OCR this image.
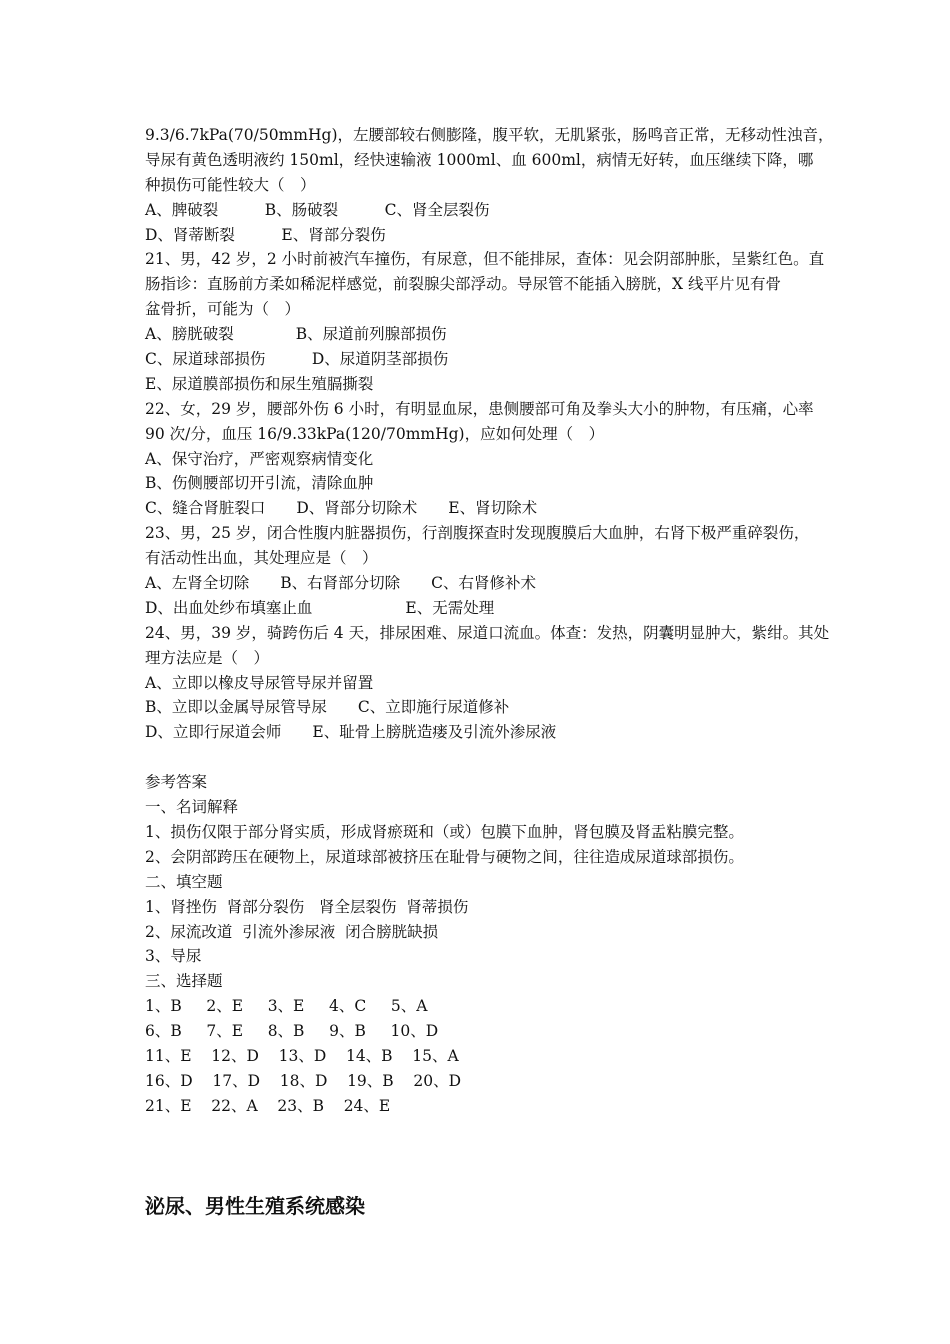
9.3/6.7kPa(70/50mmHg)，左腰部较右侧膨隆，腹平软，无肌紧张，肠鸣音正常，无移动性浊音，
导尿有黄色透明液约 150ml，经快速输液 1000ml、血 600ml，病情无好转，血压继续下降，哪
种损伤可能性较大（　）
A、脾破裂　　　B、肠破裂　　　C、肾全层裂伤
D、肾蒂断裂　　　E、肾部分裂伤
21、男，42 岁，2 小时前被汽车撞伤，有尿意，但不能排尿，查体：见会阴部肿胀，呈紫红色。直
肠指诊：直肠前方柔如稀泥样感觉，前裂腺尖部浮动。导尿管不能插入膀胱，X 线平片见有骨
盆骨折，可能为（　）
A、膀胱破裂　　　　B、尿道前列腺部损伤
C、尿道球部损伤　　　D、尿道阴茎部损伤
E、尿道膜部损伤和尿生殖膈撕裂
22、女，29 岁，腰部外伤 6 小时，有明显血尿，患侧腰部可角及拳头大小的肿物，有压痛，心率
90 次/分，血压 16/9.33kPa(120/70mmHg)，应如何处理（　）
A、保守治疗，严密观察病情变化
B、伤侧腰部切开引流，清除血肿
C、缝合肾脏裂口　　D、肾部分切除术　　E、肾切除术
23、男，25 岁，闭合性腹内脏器损伤，行剖腹探查时发现腹膜后大血肿，右肾下极严重碎裂伤，
有活动性出血，其处理应是（　）
A、左肾全切除　　B、右肾部分切除　　C、右肾修补术
D、出血处纱布填塞止血　　　　　　E、无需处理
24、男，39 岁，骑跨伤后 4 天，排尿困难、尿道口流血。体查：发热，阴囊明显肿大，紫绀。其处
理方法应是（　）
A、立即以橡皮导尿管导尿并留置
B、立即以金属导尿管导尿　　C、立即施行尿道修补
D、立即行尿道会师　　E、耻骨上膀胱造瘘及引流外渗尿液
参考答案
一、名词解释
1、损伤仅限于部分肾实质，形成肾瘀斑和（或）包膜下血肿，肾包膜及肾盂粘膜完整。
2、会阴部跨压在硬物上，尿道球部被挤压在耻骨与硬物之间，往往造成尿道球部损伤。
二、填空题
1、肾挫伤  肾部分裂伤   肾全层裂伤  肾蒂损伤
2、尿流改道  引流外渗尿液  闭合膀胱缺损
3、导尿
三、选择题
1、B     2、E     3、E     4、C     5、A
6、B     7、E     8、B     9、B     10、D
11、E    12、D    13、D    14、B    15、A
16、D    17、D    18、D    19、B    20、D
21、E    22、A    23、B    24、E
泌尿、男性生殖系统感染
